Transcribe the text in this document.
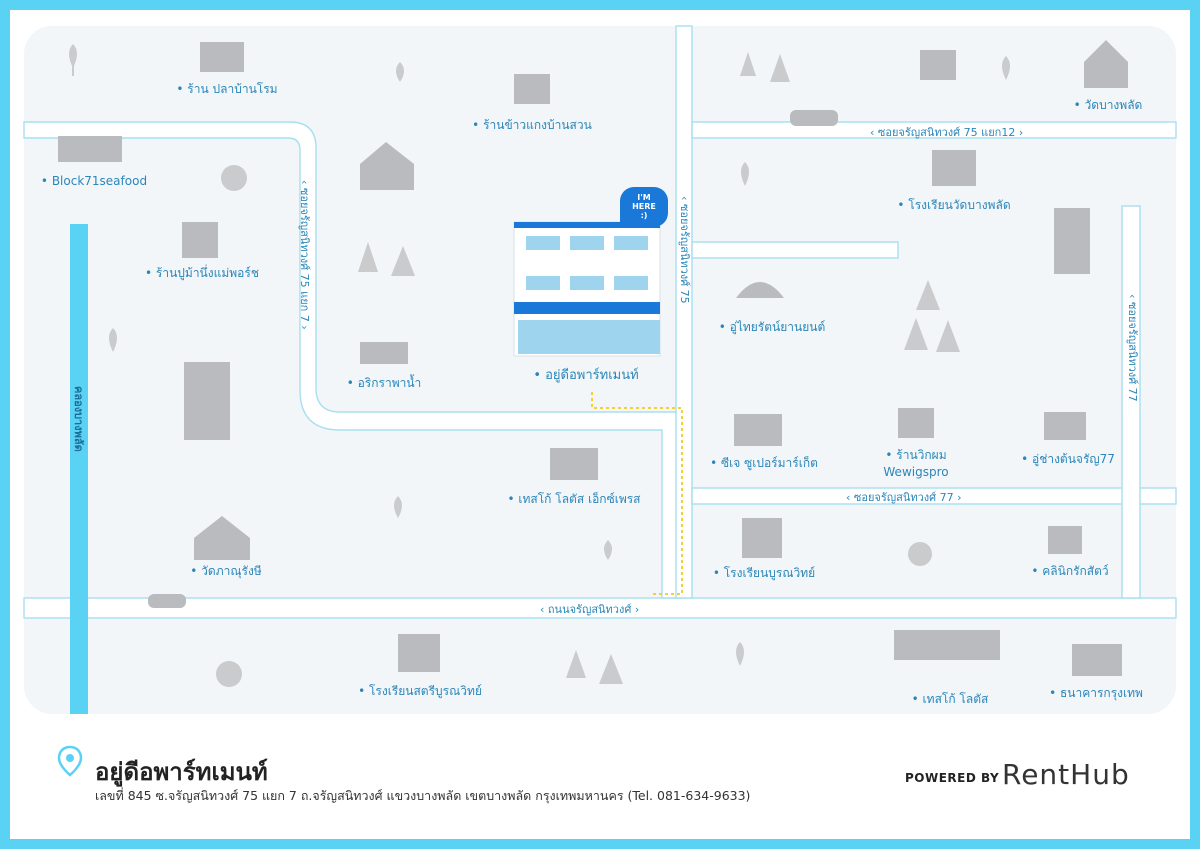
I'M
HERE
:)
‹ ซอยจรัญสนิทวงศ์ 75 แยก12 ›
‹ ซอยจรัญสนิทวงศ์ 75 แยก 7 ›	‹ ซอยจรัญสนิทวงศ์ 75
‹ ซอยจรัญสนิทวงศ์ 77
‹ ซอยจรัญสนิทวงศ์ 77 ›
‹ ถนนจรัญสนิทวงศ์ ›
คลองบางพลัด
• ร้าน ปลาบ้านโรม
• ร้านข้าวแกงบ้านสวน
• วัดบางพลัด
• Block71seafood
• โรงเรียนวัดบางพลัด
• ร้านปูม้านึ่งแม่พอร์ช
• อู่ไทยรัตน์ยานยนต์
• อริกราพาน้ำ	• อยู่ดีอพาร์ทเมนท์
• ซีเจ ซูเปอร์มาร์เก็ต
• ร้านวิกผม
Wewigspro
• อู่ช่างต้นจรัญ77
• เทสโก้ โลตัส เอ็กซ์เพรส
• วัดภาณุรังษี	• โรงเรียนบูรณวิทย์	• คลินิกรักสัตว์
• โรงเรียนสตรีบูรณวิทย์
• เทสโก้ โลตัส	• ธนาคารกรุงเทพ
อยู่ดีอพาร์ทเมนท์
เลขที่ 845 ซ.จรัญสนิทวงศ์ 75 แยก 7 ถ.จรัญสนิทวงศ์ แขวงบางพลัด เขตบางพลัด กรุงเทพมหานคร (Tel. 081-634-9633)
POWERED BY RentHub
